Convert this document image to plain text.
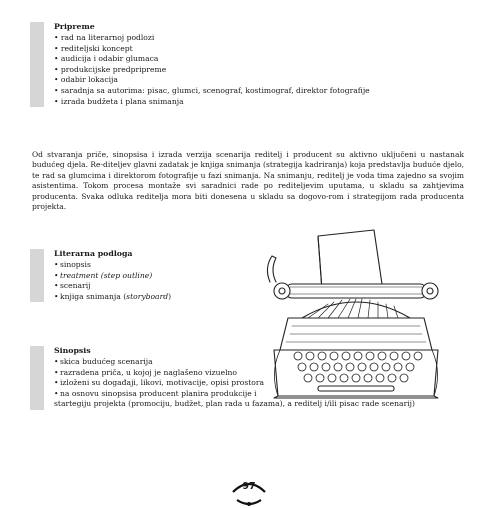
Pripreme
• rad na literarnoj podlozi
• rediteljski koncept
• audicija i odabir glumaca
• produkcijske predpripreme
• odabir lokacija
• saradnja sa autorima: pisac, glumci, scenograf, kostimograf, direktor fotografije
• izrada budžeta i plana snimanja

Od stvaranja priče, sinopsisa i izrada verzija scenarija reditelj i producent su aktivno uključeni u nastanak budućeg djela. Re-diteljev glavni zadatak je knjiga snimanja (strategija kadriranja) koja predstavlja buduće djelo, te rad sa glumcima i direktorom fotografije u fazi snimanja. Na snimanju, reditelj je voda tima zajedno sa svojim asistentima. Tokom procesa montaže svi saradnici rade po rediteljevim uputama, u skladu sa zahtjevima producenta. Svaka odluka reditelja mora biti donesena u skladu sa dogovo-rom i strategijom rada producenta projekta.

Literarna podloga
• sinopsis
• treatment (step outline)
• scenarij
• knjiga snimanja (storyboard)
Sinopsis
• skica budućeg scenarija
• razradena priča, u kojoj je naglašeno vizuelno
• izloženi su događaji, likovi, motivacije, opisi prostora
• na osnovu sinopsisa producent planira produkcije i
startegiju projekta (promociju, budžet, plan rada u fazama), a reditelj i/ili pisac rade scenarij)
97
